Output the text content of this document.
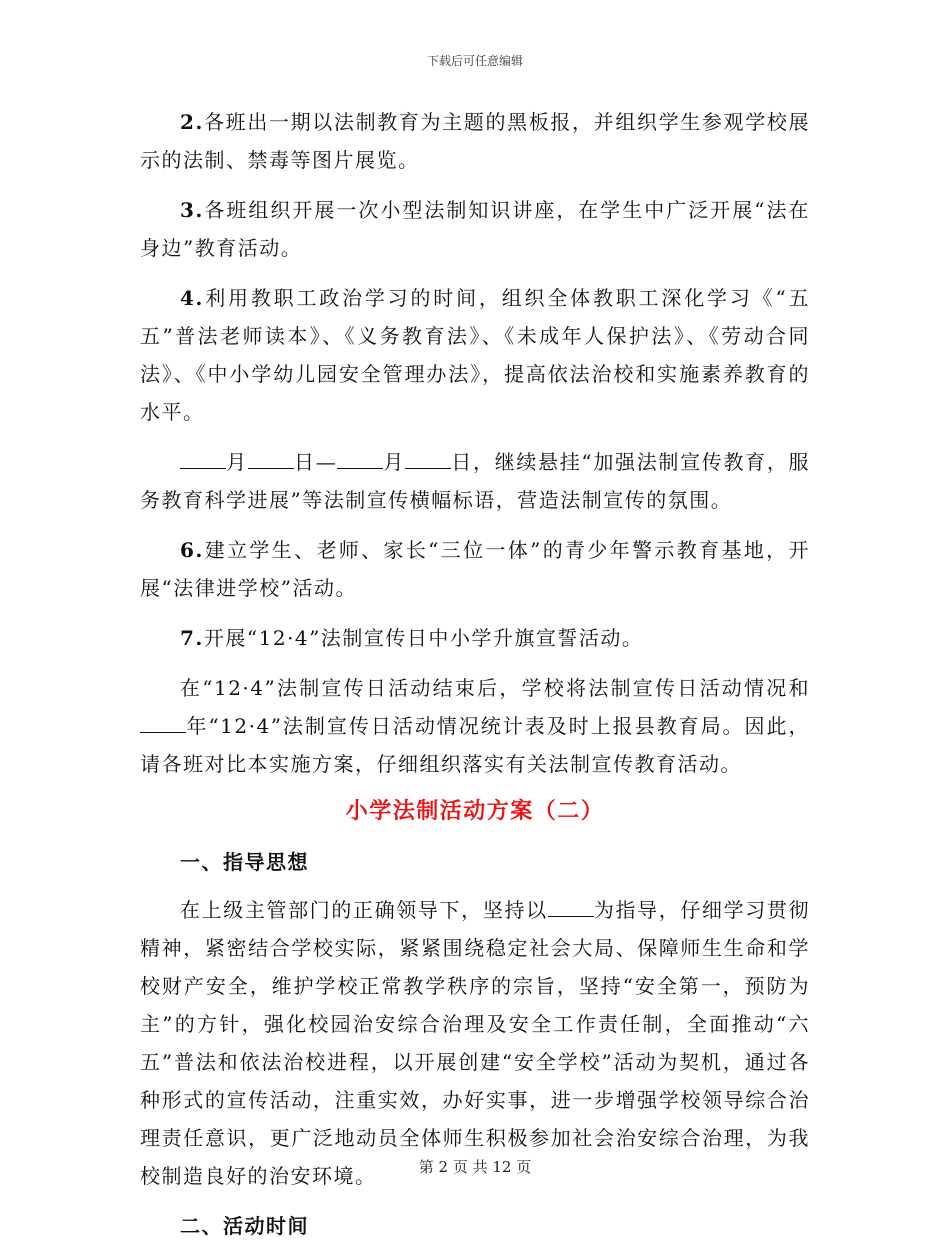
下载后可任意编辑

2.各班出一期以法制教育为主题的黑板报，并组织学生参观学校展示的法制、禁毒等图片展览。

3.各班组织开展一次小型法制知识讲座，在学生中广泛开展“法在身边”教育活动。

4.利用教职工政治学习的时间，组织全体教职工深化学习《“五五”普法老师读本》、《义务教育法》、《未成年人保护法》、《劳动合同法》、《中小学幼儿园安全管理办法》，提高依法治校和实施素养教育的水平。

月 日— 月 日，继续悬挂“加强法制宣传教育，服务教育科学进展”等法制宣传横幅标语，营造法制宣传的氛围。

6.建立学生、老师、家长“三位一体”的青少年警示教育基地，开展“法律进学校”活动。

7.开展“12·4”法制宣传日中小学升旗宣誓活动。

在“12·4”法制宣传日活动结束后，学校将法制宣传日活动情况和年“12·4”法制宣传日活动情况统计表及时上报县教育局。因此，请各班对比本实施方案，仔细组织落实有关法制宣传教育活动。

小学法制活动方案（二）
一、指导思想

在上级主管部门的正确领导下，坚持以 为指导，仔细学习贯彻精神，紧密结合学校实际，紧紧围绕稳定社会大局、保障师生生命和学校财产安全，维护学校正常教学秩序的宗旨，坚持“安全第一，预防为主”的方针，强化校园治安综合治理及安全工作责任制，全面推动“六五”普法和依法治校进程，以开展创建“安全学校”活动为契机，通过各种形式的宣传活动，注重实效，办好实事，进一步增强学校领导综合治理责任意识，更广泛地动员全体师生积极参加社会治安综合治理，为我校制造良好的治安环境。

二、活动时间
第 2 页 共 12 页
